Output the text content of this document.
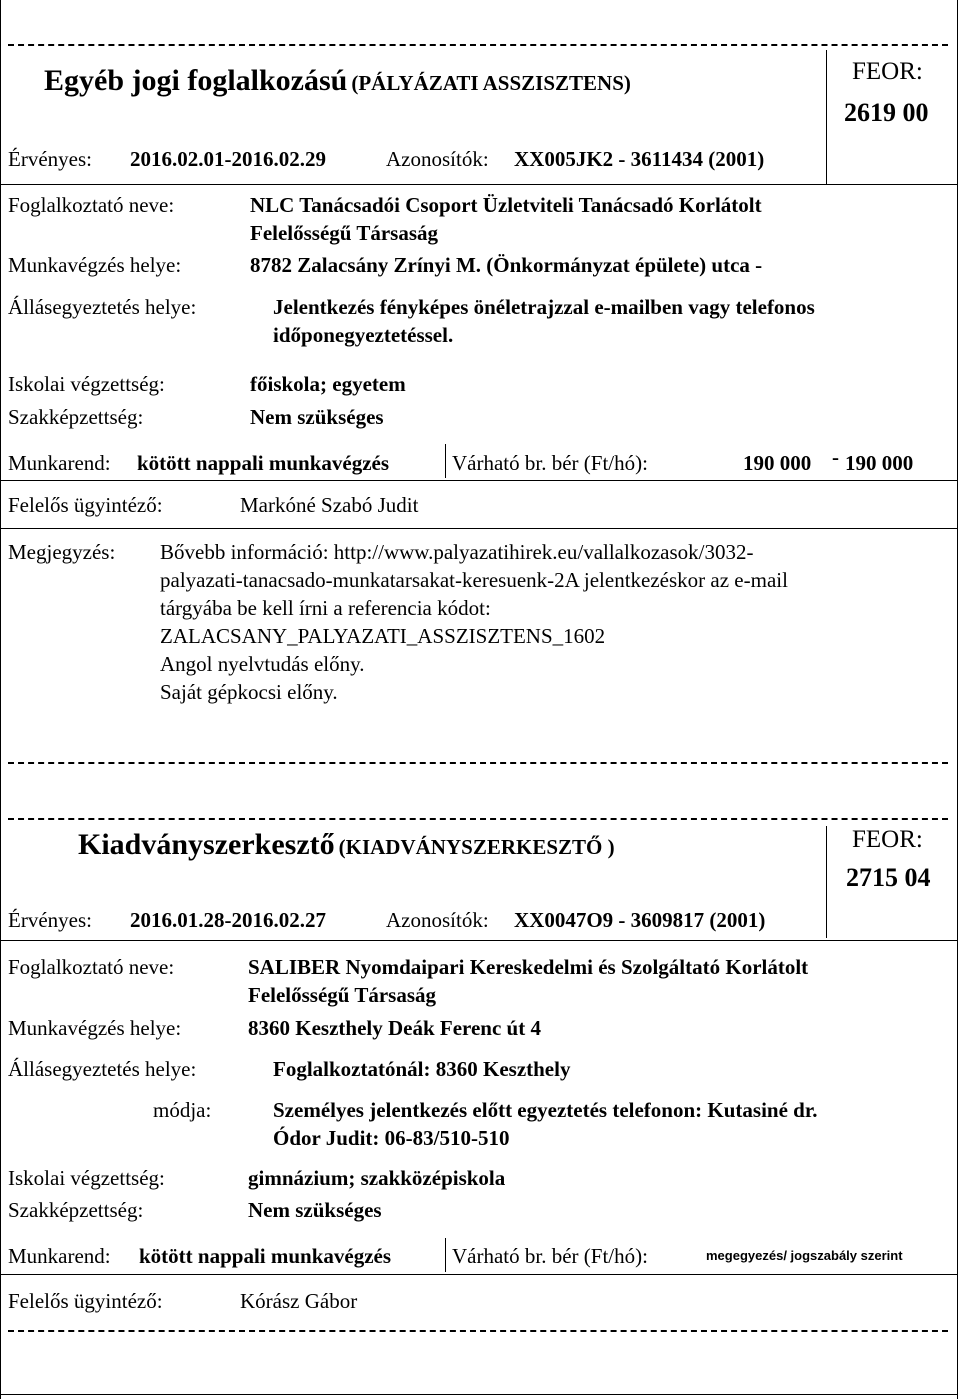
Egyéb jogi foglalkozású (PÁLYÁZATI ASSZISZTENS)	FEOR:
2619 00
Érvényes: 2016.02.01-2016.02.29	Azonosítók: XX005JK2 - 3611434 (2001)
Foglalkoztató neve:	NLC Tanácsadói Csoport Üzletviteli Tanácsadó Korlátolt
Felelősségű Társaság
Munkavégzés helye:	8782 Zalacsány Zrínyi M. (Önkormányzat épülete) utca -
Állásegyeztetés helye:	Jelentkezés fényképes önéletrajzzal e-mailben vagy telefonos
időponegyeztetéssel.
Iskolai végzettség:	főiskola; egyetem
Szakképzettség:	Nem szükséges
Munkarend: kötött nappali munkavégzés	Várható br. bér (Ft/hó):	190 000 - 190 000
Felelős ügyintéző:	Markóné Szabó Judit
Megjegyzés: Bővebb információ: http://www.palyazatihirek.eu/vallalkozasok/3032-
palyazati-tanacsado-munkatarsakat-keresuenk-2A jelentkezéskor az e-mail
tárgyába be kell írni a referencia kódot:
ZALACSANY_PALYAZATI_ASSZISZTENS_1602
Angol nyelvtudás előny.
Saját gépkocsi előny.
Kiadványszerkesztő (KIADVÁNYSZERKESZTŐ )	FEOR:
2715 04
Érvényes: 2016.01.28-2016.02.27	Azonosítók: XX0047O9 - 3609817 (2001)
Foglalkoztató neve:	SALIBER Nyomdaipari Kereskedelmi és Szolgáltató Korlátolt
Felelősségű Társaság
Munkavégzés helye:	8360 Keszthely Deák Ferenc út 4
Állásegyeztetés helye:	Foglalkoztatónál: 8360 Keszthely
módja:	Személyes jelentkezés előtt egyeztetés telefonon: Kutasiné dr.
Ódor Judit: 06-83/510-510
Iskolai végzettség:	gimnázium; szakközépiskola
Szakképzettség:	Nem szükséges
Munkarend: kötött nappali munkavégzés	Várható br. bér (Ft/hó):	megegyezés/ jogszabály szerint
Felelős ügyintéző:	Kórász Gábor
